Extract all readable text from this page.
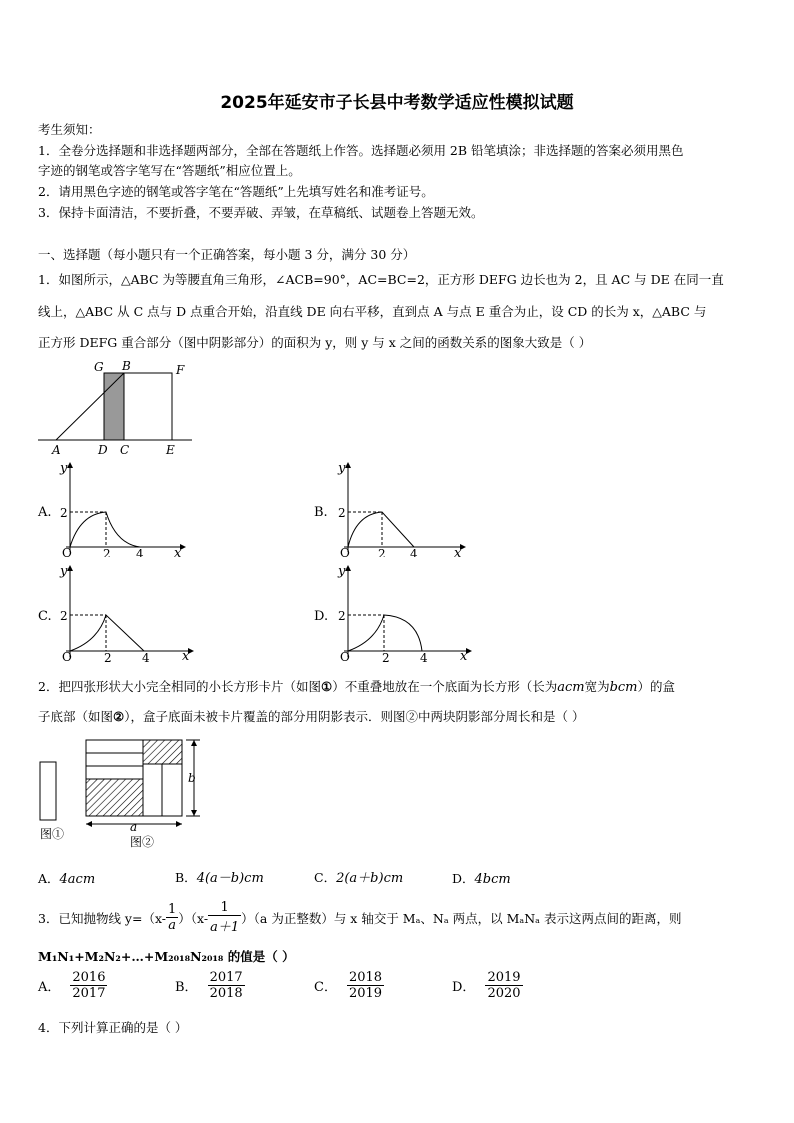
2025年延安市子长县中考数学适应性模拟试题
考生须知：
1．全卷分选择题和非选择题两部分，全部在答题纸上作答。选择题必须用 2B 铅笔填涂；非选择题的答案必须用黑色
字迹的钢笔或答字笔写在“答题纸”相应位置上。
2．请用黑色字迹的钢笔或答字笔在“答题纸”上先填写姓名和准考证号。
3．保持卡面清洁，不要折叠，不要弄破、弄皱，在草稿纸、试题卷上答题无效。
一、选择题（每小题只有一个正确答案，每小题 3 分，满分 30 分）
1．如图所示，△ABC 为等腰直角三角形，∠ACB=90°，AC=BC=2，正方形 DEFG 边长也为 2，且 AC 与 DE 在同一直
线上，△ABC 从 C 点与 D 点重合开始，沿直线 DE 向右平移，直到点 A 与点 E 重合为止，设 CD 的长为 x，△ABC 与
正方形 DEFG 重合部分（图中阴影部分）的面积为 y，则 y 与 x 之间的函数关系的图象大致是（ ）
G B	F
A	D C	E
A.
y
2
O	2 4 x
B.
y
2
O 2 4	x
C.
y
2
O	2	4 x
D.
y
2
O	2	4 x
2．把四张形状大小完全相同的小长方形卡片（如图①）不重叠地放在一个底面为长方形（长为acm宽为bcm）的盒
子底部（如图②），盒子底面未被卡片覆盖的部分用阴影表示．则图②中两块阴影部分周长和是（ ）
图①
b
a
图②
A．4acm	B．4(a－b)cm	C．2(a＋b)cm	D．4bcm
3．已知抛物线 $y=(x- \frac{1}{a} )(x- \frac{1}{a+1} )(a$ 为正整数）与 x 轴交于 Mₐ、Nₐ 两点，以 MₐNₐ 表示这两点间的距离，则
M₁N₁+M₂N₂+…+M₂₀₁₈N₂₀₁₈ 的值是（ ）
A． $\frac{2016}{2017}$	B． $\frac{2017}{2018}$	C． $\frac{2018}{2019}$	D． $\frac{2019}{2020}$
4．下列计算正确的是（ ）
